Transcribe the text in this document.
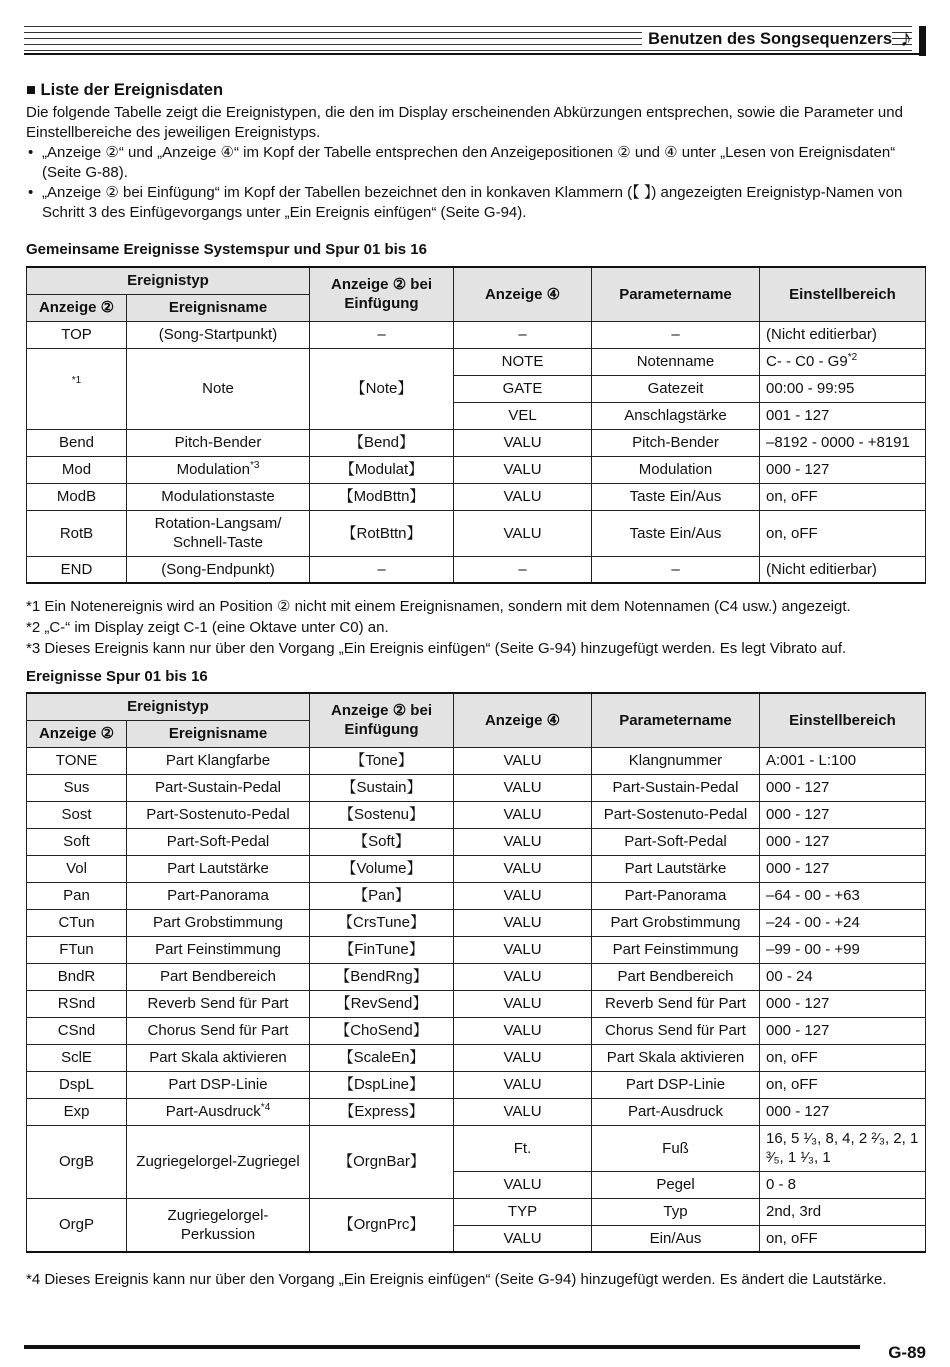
Benutzen des Songsequenzers ♪
■ Liste der Ereignisdaten

Die folgende Tabelle zeigt die Ereignistypen, die den im Display erscheinenden Abkürzungen entsprechen, sowie die Parameter und Einstellbereiche des jeweiligen Ereignistyps.

• „Anzeige ②“ und „Anzeige ④“ im Kopf der Tabelle entsprechen den Anzeigepositionen ② und ④ unter „Lesen von Ereignisdaten“ (Seite G-88).
• „Anzeige ② bei Einfügung“ im Kopf der Tabellen bezeichnet den in konkaven Klammern (【 】) angezeigten Ereignistyp-Namen von Schritt 3 des Einfügevorgangs unter „Ein Ereignis einfügen“ (Seite G-94).
Gemeinsame Ereignisse Systemspur und Spur 01 bis 16
Ereignistyp		Anzeige ② bei Einfügung	Anzeige ④	Parametername	Einstellbereich
Anzeige ②	Ereignisname				
TOP	(Song-Startpunkt)	–	–	–	(Nicht editierbar)
*1	Note	【Note】	NOTE	Notenname	C- - C0 - G9$^{*2}$
			GATE	Gatezeit	00:00 - 99:95
			VEL	Anschlagstärke	001 - 127
Bend	Pitch-Bender	【Bend】	VALU	Pitch-Bender	–8192 - 0000 - +8191
Mod	Modulation$^{*3}$	【Modulat】	VALU	Modulation	000 - 127
ModB	Modulationstaste	【ModBttn】	VALU	Taste Ein/Aus	on, oFF
RotB	Rotation-Langsam/ Schnell-Taste	【RotBttn】	VALU	Taste Ein/Aus	on, oFF
END	(Song-Endpunkt)	–	–	–	(Nicht editierbar)
*1 Ein Notenereignis wird an Position ② nicht mit einem Ereignisnamen, sondern mit dem Notennamen (C4 usw.) angezeigt.
*2 „C-“ im Display zeigt C-1 (eine Oktave unter C0) an.
*3 Dieses Ereignis kann nur über den Vorgang „Ein Ereignis einfügen“ (Seite G-94) hinzugefügt werden. Es legt Vibrato auf.
Ereignisse Spur 01 bis 16
Ereignistyp		Anzeige ② bei Einfügung	Anzeige ④	Parametername	Einstellbereich
Anzeige ②	Ereignisname				
TONE	Part Klangfarbe	【Tone】	VALU	Klangnummer	A:001 - L:100
Sus	Part-Sustain-Pedal	【Sustain】	VALU	Part-Sustain-Pedal	000 - 127
Sost	Part-Sostenuto-Pedal	【Sostenu】	VALU	Part-Sostenuto-Pedal	000 - 127
Soft	Part-Soft-Pedal	【Soft】	VALU	Part-Soft-Pedal	000 - 127
Vol	Part Lautstärke	【Volume】	VALU	Part Lautstärke	000 - 127
Pan	Part-Panorama	【Pan】	VALU	Part-Panorama	–64 - 00 - +63
CTun	Part Grobstimmung	【CrsTune】	VALU	Part Grobstimmung	–24 - 00 - +24
FTun	Part Feinstimmung	【FinTune】	VALU	Part Feinstimmung	–99 - 00 - +99
BndR	Part Bendbereich	【BendRng】	VALU	Part Bendbereich	00 - 24
RSnd	Reverb Send für Part	【RevSend】	VALU	Reverb Send für Part	000 - 127
CSnd	Chorus Send für Part	【ChoSend】	VALU	Chorus Send für Part	000 - 127
SclE	Part Skala aktivieren	【ScaleEn】	VALU	Part Skala aktivieren	on, oFF
DspL	Part DSP-Linie	【DspLine】	VALU	Part DSP-Linie	on, oFF
Exp	Part-Ausdruck$^{*4}$	【Express】	VALU	Part-Ausdruck	000 - 127
OrgB	Zugriegelorgel-Zugriegel	【OrgnBar】	Ft.	Fuß	16, 5 ¹⁄₃, 8, 4, 2 ²⁄₃, 2, 1 ³⁄₅, 1 ¹⁄₃, 1
			VALU	Pegel	0 - 8
OrgP	Zugriegelorgel- Perkussion	【OrgnPrc】	TYP	Typ	2nd, 3rd
			VALU	Ein/Aus	on, oFF
*4 Dieses Ereignis kann nur über den Vorgang „Ein Ereignis einfügen“ (Seite G-94) hinzugefügt werden. Es ändert die Lautstärke.
G-89
